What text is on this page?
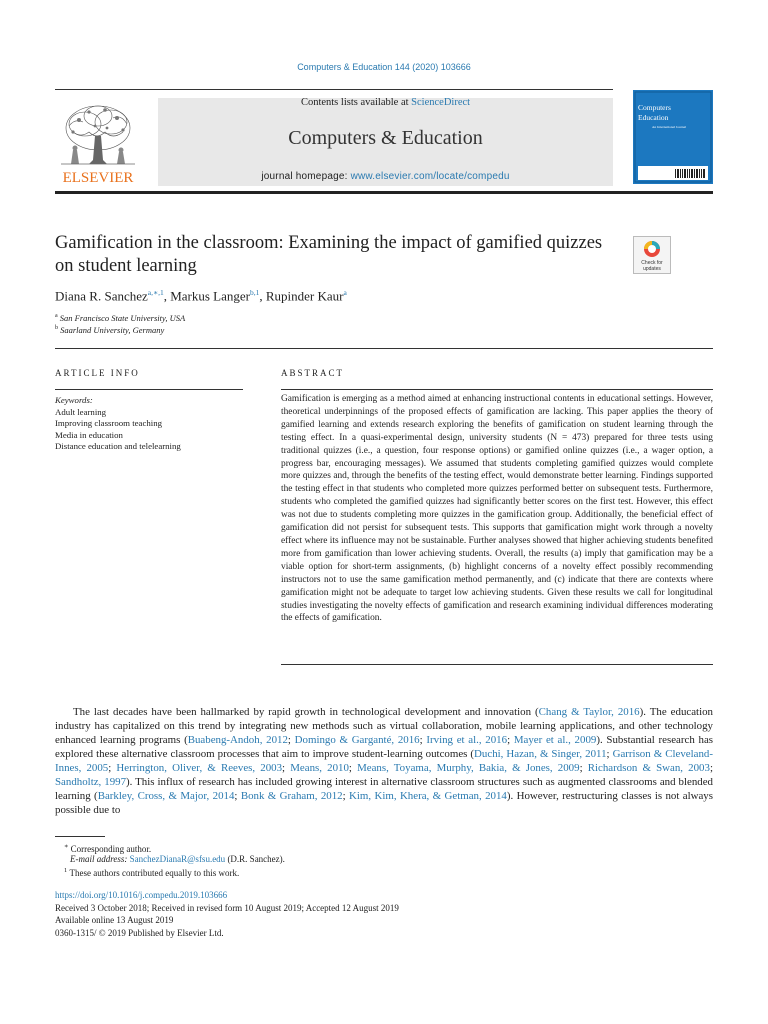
Computers & Education 144 (2020) 103666
ELSEVIER
Contents lists available at ScienceDirect
Computers & Education
journal homepage: www.elsevier.com/locate/compedu
Computers
Education
An International Journal
Gamification in the classroom: Examining the impact of gamified quizzes on student learning	Check for
updates
Diana R. Sanchez$^{a,∗,1}$, Markus Langer$^{b,1}$, Rupinder Kaur$^a$
$^a$ San Francisco State University, USA
$^b$ Saarland University, Germany
ARTICLE INFO	ABSTRACT
Keywords:
Adult learning
Improving classroom teaching
Media in education
Distance education and telelearning
Gamification is emerging as a method aimed at enhancing instructional contents in educational settings. However, theoretical underpinnings of the proposed effects of gamification are lacking. This paper applies the theory of gamified learning and extends research exploring the benefits of gamification on student learning through the testing effect. In a quasi-experimental design, university students (N = 473) prepared for three tests using traditional quizzes (i.e., a question, four response options) or gamified online quizzes (i.e., a wager option, a progress bar, encouraging messages). We assumed that students completing gamified quizzes would complete more quizzes and, through the benefits of the testing effect, would demonstrate better learning. Findings supported the testing effect in that students who completed more quizzes performed better on subsequent tests. Furthermore, students who completed the gamified quizzes had significantly better scores on the first test. However, this effect was not due to students completing more quizzes in the gamification group. Additionally, the beneficial effect of gamification did not persist for subsequent tests. This supports that gamification might work through a novelty effect where its influence may not be sustainable. Further analyses showed that higher achieving students benefited more from gamification than lower achieving students. Overall, the results (a) imply that gamification may be a viable option for short-term assignments, (b) highlight concerns of a novelty effect possibly recommending instructors not to use the same gamification method permanently, and (c) indicate that there are contexts where gamification might not be adequate to target low achieving students. Given these results we call for longitudinal studies investigating the novelty effects of gamification and research examining individual differences moderating the effects of gamification.
The last decades have been hallmarked by rapid growth in technological development and innovation (Chang & Taylor, 2016). The education industry has capitalized on this trend by integrating new methods such as virtual collaboration, mobile learning applications, and other technology enhanced learning programs (Buabeng-Andoh, 2012; Domingo & Garganté, 2016; Irving et al., 2016; Mayer et al., 2009). Substantial research has explored these alternative classroom processes that aim to improve student-learning outcomes (Duchi, Hazan, & Singer, 2011; Garrison & Cleveland-Innes, 2005; Herrington, Oliver, & Reeves, 2003; Means, 2010; Means, Toyama, Murphy, Bakia, & Jones, 2009; Richardson & Swan, 2003; Sandholtz, 1997). This influx of research has included growing interest in alternative classroom structures such as augmented classrooms and blended learning (Barkley, Cross, & Major, 2014; Bonk & Graham, 2012; Kim, Kim, Khera, & Getman, 2014). However, restructuring classes is not always possible due to
∗ Corresponding author.
E-mail address: SanchezDianaR@sfsu.edu (D.R. Sanchez).
$^1$ These authors contributed equally to this work.
https://doi.org/10.1016/j.compedu.2019.103666
Received 3 October 2018; Received in revised form 10 August 2019; Accepted 12 August 2019
Available online 13 August 2019
0360-1315/ © 2019 Published by Elsevier Ltd.
